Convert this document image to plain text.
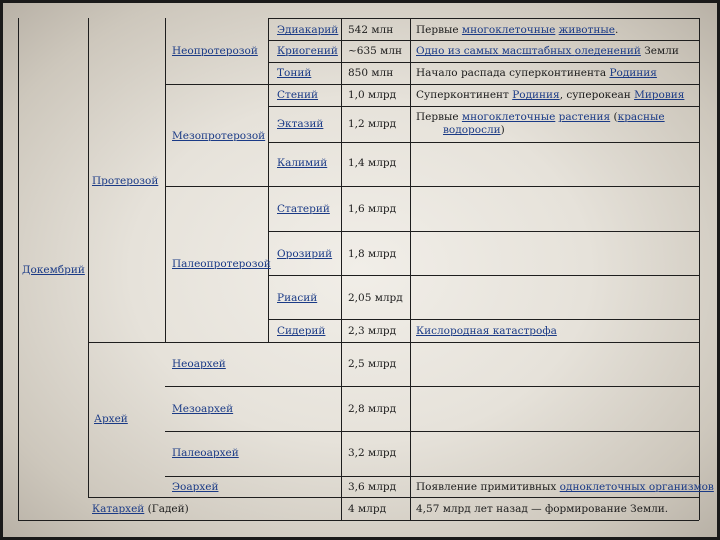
Докембрий
Протерозой
Архей
Катархей (Гадей)
Неопротерозой
Мезопротерозой
Палеопротерозой
Неоархей
Мезоархей
Палеоархей
Эоархей
Эдиакарий
Криогений
Тоний
Стений
Эктазий
Калимий
Статерий
Орозирий
Риасий
Сидерий
542 млн
~635 млн
850 млн
1,0 млрд
1,2 млрд
1,4 млрд
1,6 млрд
1,8 млрд
2,05 млрд
2,3 млрд
2,5 млрд
2,8 млрд
3,2 млрд
3,6 млрд
4 млрд
Первые многоклеточные животные.
Одно из самых масштабных оледенений Земли
Начало распада суперконтинента Родиния
Суперконтинент Родиния, суперокеан Мировия
Первые многоклеточные растения (красные
водоросли)
Кислородная катастрофа
Появление примитивных одноклеточных организмов
4,57 млрд лет назад — формирование Земли.
